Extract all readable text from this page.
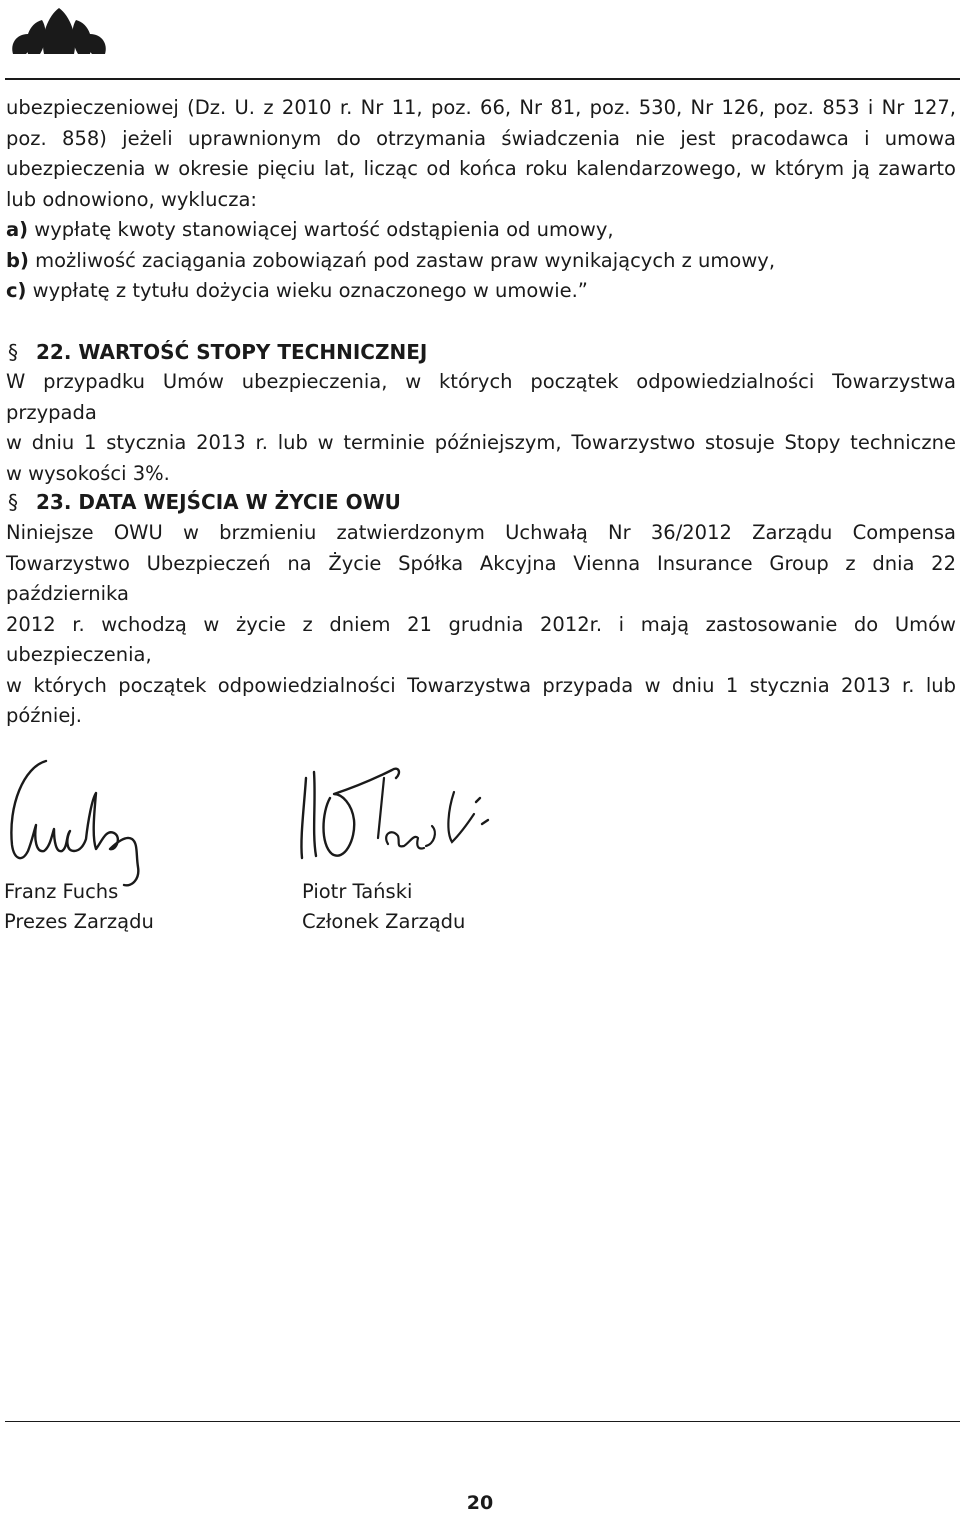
ubezpieczeniowej (Dz. U. z 2010 r. Nr 11, poz. 66, Nr 81, poz. 530, Nr 126, poz. 853 i Nr 127,
poz. 858) jeżeli uprawnionym do otrzymania świadczenia nie jest pracodawca i umowa
ubezpieczenia w okresie pięciu lat, licząc od końca roku kalendarzowego, w którym ją zawarto
lub odnowiono, wyklucza:
a) wypłatę kwoty stanowiącej wartość odstąpienia od umowy,
b) możliwość zaciągania zobowiązań pod zastaw praw wynikających z umowy,
c) wypłatę z tytułu dożycia wieku oznaczonego w umowie.”
§ 22. WARTOŚĆ STOPY TECHNICZNEJ
W przypadku Umów ubezpieczenia, w których początek odpowiedzialności Towarzystwa przypada
w dniu 1 stycznia 2013 r. lub w terminie późniejszym, Towarzystwo stosuje Stopy techniczne
w wysokości 3%.
§ 23. DATA WEJŚCIA W ŻYCIE OWU
Niniejsze OWU w brzmieniu zatwierdzonym Uchwałą Nr 36/2012 Zarządu Compensa
Towarzystwo Ubezpieczeń na Życie Spółka Akcyjna Vienna Insurance Group z dnia 22 października
2012 r. wchodzą w życie z dniem 21 grudnia 2012r. i mają zastosowanie do Umów ubezpieczenia,
w których początek odpowiedzialności Towarzystwa przypada w dniu 1 stycznia 2013 r. lub później.
Franz Fuchs
Prezes Zarządu
Piotr Tański
Członek Zarządu
20
